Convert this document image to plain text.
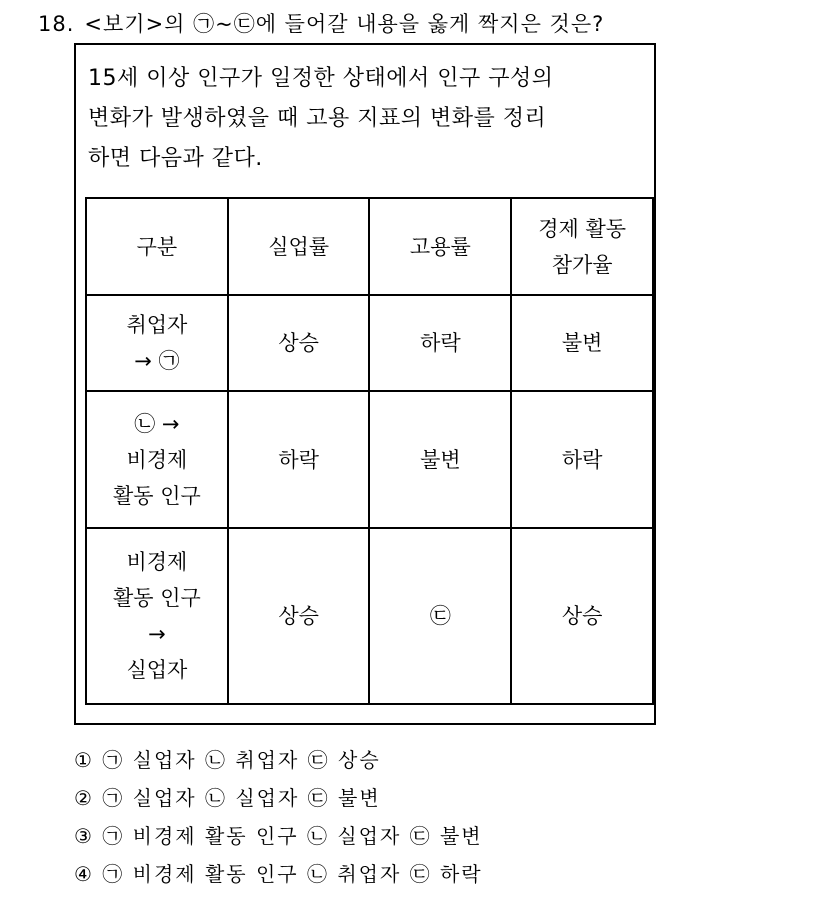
18. <보기>의 ㉠~㉢에 들어갈 내용을 옳게 짝지은 것은?
15세 이상 인구가 일정한 상태에서 인구 구성의
변화가 발생하였을 때 고용 지표의 변화를 정리
하면 다음과 같다.
구분	실업률	고용률	경제 활동
참가율

취업자
→ ㉠	상승	하락	불변

㉡ →
비경제
활동 인구	하락	불변	하락

비경제
활동 인구
→
실업자	상승	㉢	상승
① ㉠ 실업자 ㉡ 취업자 ㉢ 상승
② ㉠ 실업자 ㉡ 실업자 ㉢ 불변
③ ㉠ 비경제 활동 인구 ㉡ 실업자 ㉢ 불변
④ ㉠ 비경제 활동 인구 ㉡ 취업자 ㉢ 하락
